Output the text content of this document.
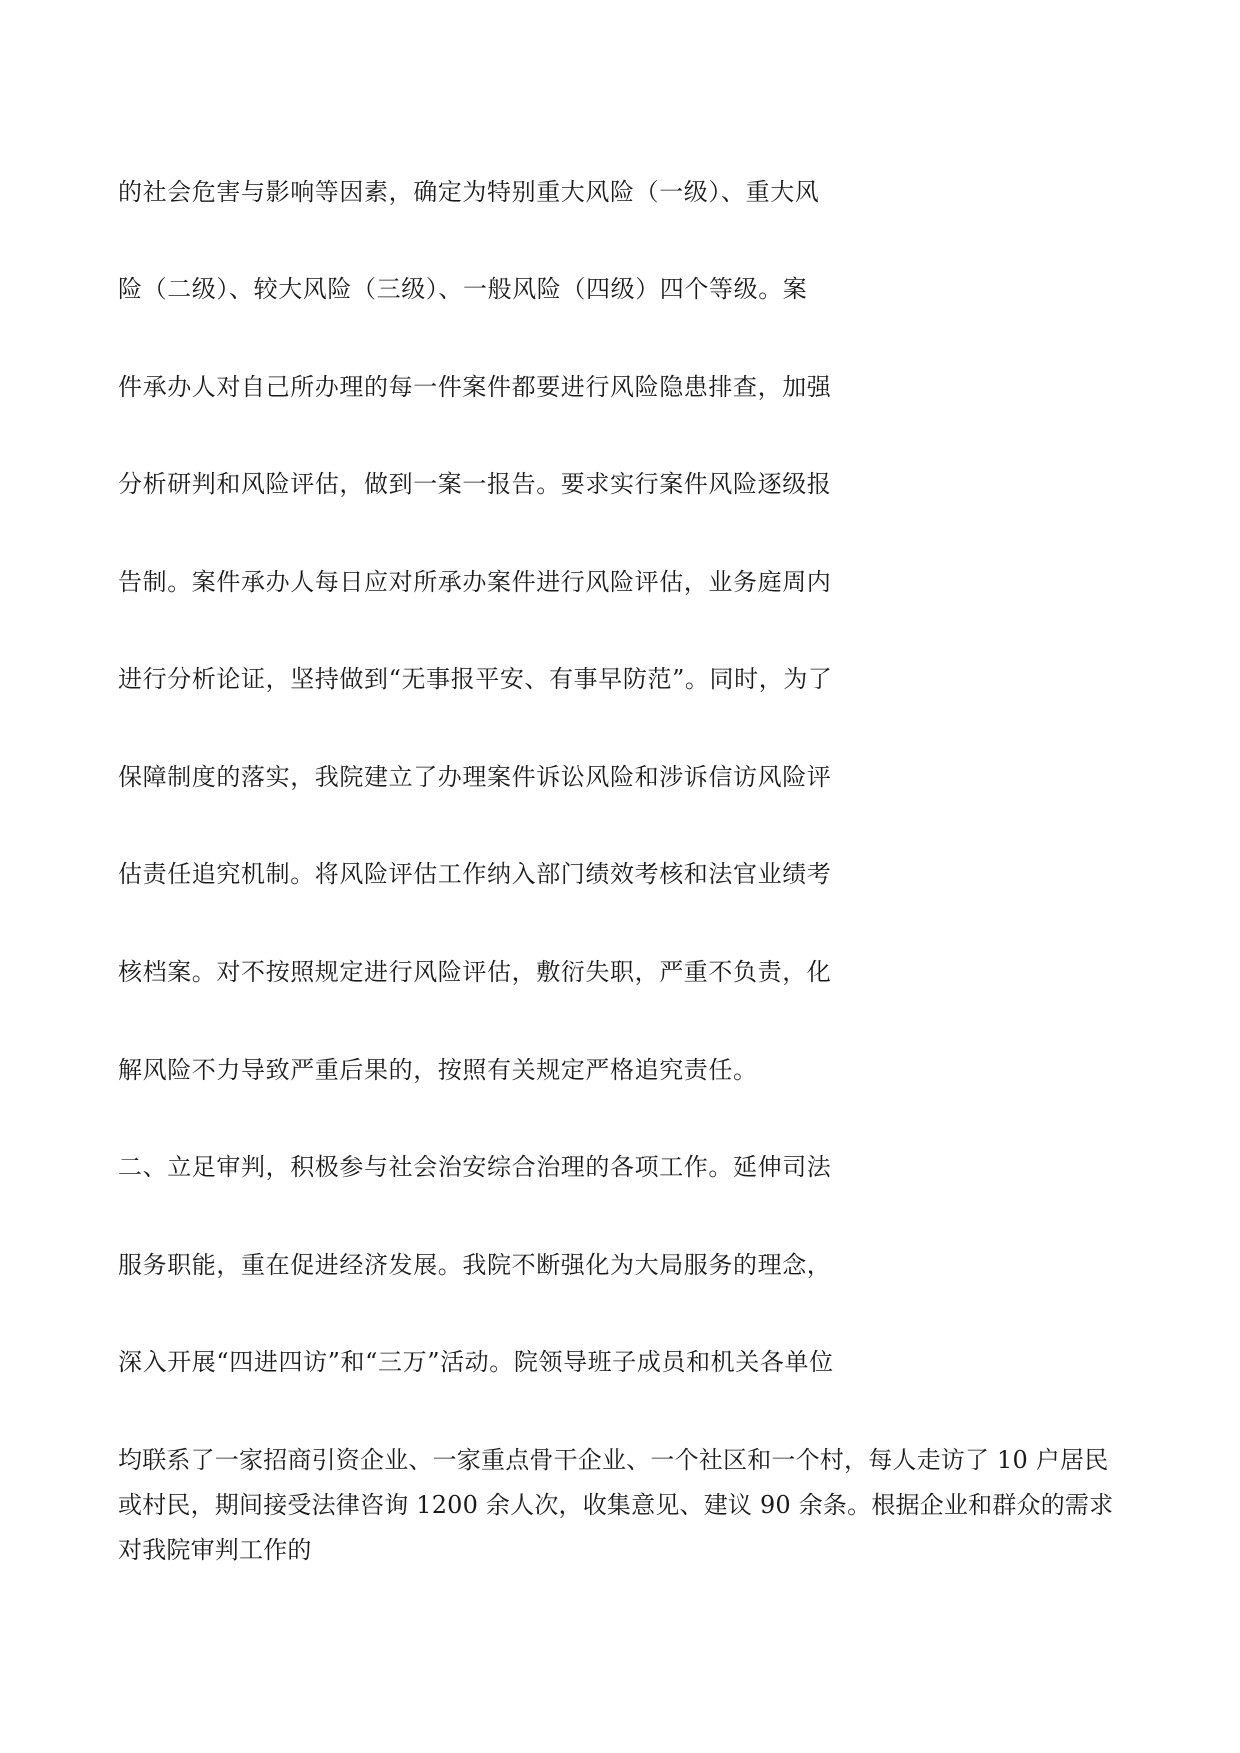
的社会危害与影响等因素，确定为特别重大风险（一级）、重大风
险（二级）、较大风险（三级）、一般风险（四级）四个等级。案
件承办人对自己所办理的每一件案件都要进行风险隐患排查，加强
分析研判和风险评估，做到一案一报告。要求实行案件风险逐级报
告制。案件承办人每日应对所承办案件进行风险评估，业务庭周内
进行分析论证，坚持做到“无事报平安、有事早防范”。同时，为了
保障制度的落实，我院建立了办理案件诉讼风险和涉诉信访风险评
估责任追究机制。将风险评估工作纳入部门绩效考核和法官业绩考
核档案。对不按照规定进行风险评估，敷衍失职，严重不负责，化
解风险不力导致严重后果的，按照有关规定严格追究责任。
二、立足审判，积极参与社会治安综合治理的各项工作。延伸司法
服务职能，重在促进经济发展。我院不断强化为大局服务的理念，
深入开展“四进四访”和“三万”活动。院领导班子成员和机关各单位
均联系了一家招商引资企业、一家重点骨干企业、一个社区和一个村，每人走访了 10 户居民
或村民，期间接受法律咨询 1200 余人次，收集意见、建议 90 余条。根据企业和群众的需求
对我院审判工作的
